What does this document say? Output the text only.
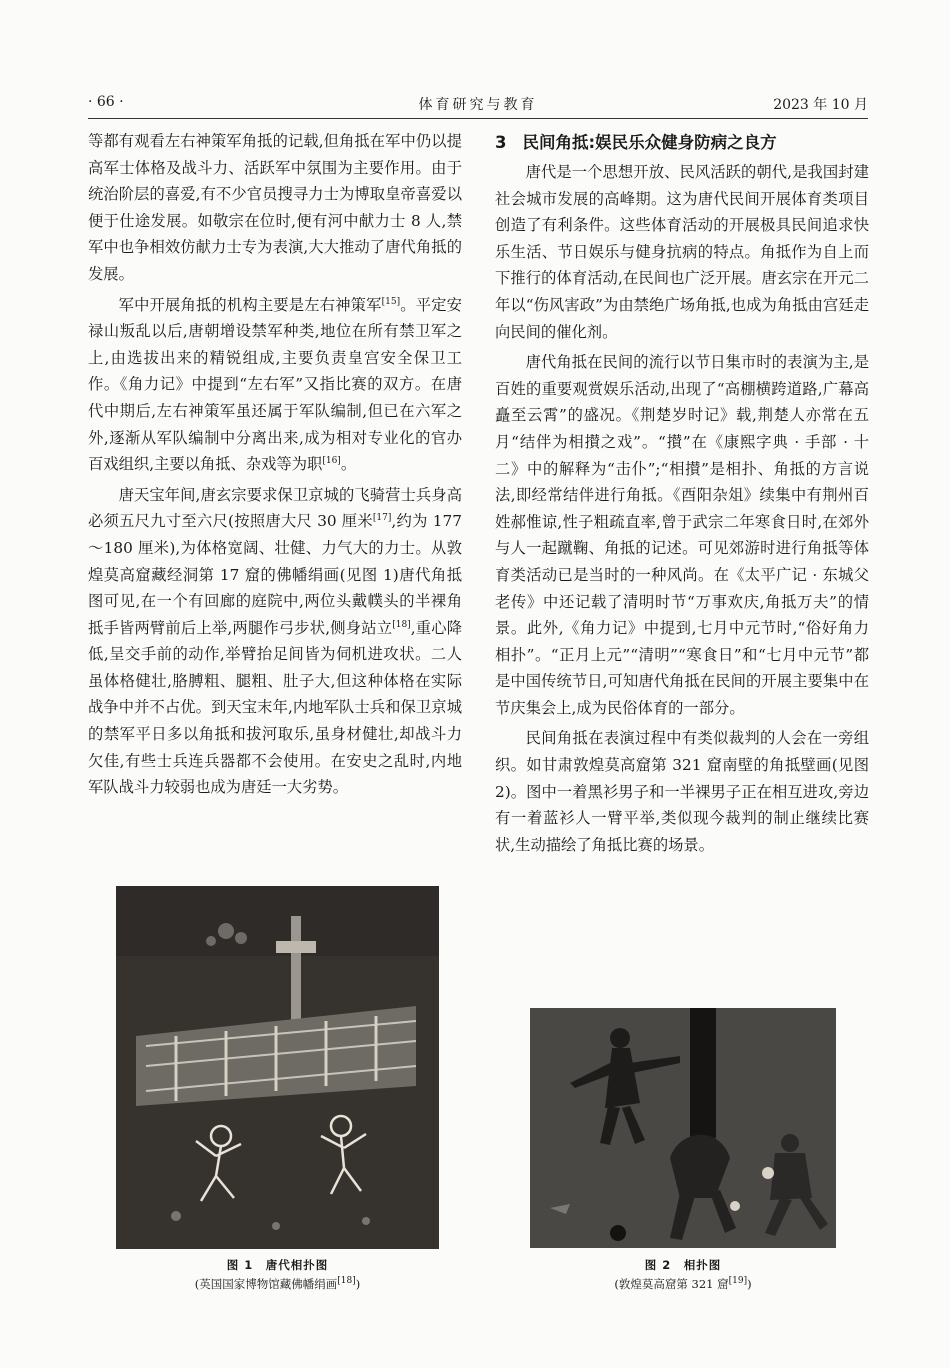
· 66 ·	体育研究与教育	2023 年 10 月

等都有观看左右神策军角抵的记载,但角抵在军中仍以提高军士体格及战斗力、活跃军中氛围为主要作用。由于统治阶层的喜爱,有不少官员搜寻力士为博取皇帝喜爱以便于仕途发展。如敬宗在位时,便有河中献力士 8 人,禁军中也争相效仿献力士专为表演,大大推动了唐代角抵的发展。

军中开展角抵的机构主要是左右神策军[15]。平定安禄山叛乱以后,唐朝增设禁军种类,地位在所有禁卫军之上,由选拔出来的精锐组成,主要负责皇宫安全保卫工作。《角力记》中提到“左右军”又指比赛的双方。在唐代中期后,左右神策军虽还属于军队编制,但已在六军之外,逐渐从军队编制中分离出来,成为相对专业化的官办百戏组织,主要以角抵、杂戏等为职[16]。

唐天宝年间,唐玄宗要求保卫京城的飞骑营士兵身高必须五尺九寸至六尺(按照唐大尺 30 厘米[17],约为 177～180 厘米),为体格宽阔、壮健、力气大的力士。从敦煌莫高窟藏经洞第 17 窟的佛幡绢画(见图 1)唐代角抵图可见,在一个有回廊的庭院中,两位头戴幞头的半裸角抵手皆两臂前后上举,两腿作弓步状,侧身站立[18],重心降低,呈交手前的动作,举臂抬足间皆为伺机进攻状。二人虽体格健壮,胳膊粗、腿粗、肚子大,但这种体格在实际战争中并不占优。到天宝末年,内地军队士兵和保卫京城的禁军平日多以角抵和拔河取乐,虽身材健壮,却战斗力欠佳,有些士兵连兵器都不会使用。在安史之乱时,内地军队战斗力较弱也成为唐廷一大劣势。

3 民间角抵:娱民乐众健身防病之良方

唐代是一个思想开放、民风活跃的朝代,是我国封建社会城市发展的高峰期。这为唐代民间开展体育类项目创造了有利条件。这些体育活动的开展极具民间追求快乐生活、节日娱乐与健身抗病的特点。角抵作为自上而下推行的体育活动,在民间也广泛开展。唐玄宗在开元二年以“伤风害政”为由禁绝广场角抵,也成为角抵由宫廷走向民间的催化剂。

唐代角抵在民间的流行以节日集市时的表演为主,是百姓的重要观赏娱乐活动,出现了“高棚横跨道路,广幕高矗至云霄”的盛况。《荆楚岁时记》载,荆楚人亦常在五月“结伴为相攅之戏”。“攅”在《康熙字典 · 手部 · 十二》中的解释为“击仆”;“相攅”是相扑、角抵的方言说法,即经常结伴进行角抵。《酉阳杂俎》续集中有荆州百姓郝惟谅,性子粗疏直率,曾于武宗二年寒食日时,在郊外与人一起蹴鞠、角抵的记述。可见郊游时进行角抵等体育类活动已是当时的一种风尚。在《太平广记 · 东城父老传》中还记载了清明时节“万事欢庆,角抵万夫”的情景。此外,《角力记》中提到,七月中元节时,“俗好角力相扑”。“正月上元”“清明”“寒食日”和“七月中元节”都是中国传统节日,可知唐代角抵在民间的开展主要集中在节庆集会上,成为民俗体育的一部分。

民间角抵在表演过程中有类似裁判的人会在一旁组织。如甘肃敦煌莫高窟第 321 窟南壁的角抵壁画(见图 2)。图中一着黑衫男子和一半裸男子正在相互进攻,旁边有一着蓝衫人一臂平举,类似现今裁判的制止继续比赛状,生动描绘了角抵比赛的场景。

图 1　唐代相扑图
(英国国家博物馆藏佛幡绢画[18])
图 2　相扑图
(敦煌莫高窟第 321 窟[19])
